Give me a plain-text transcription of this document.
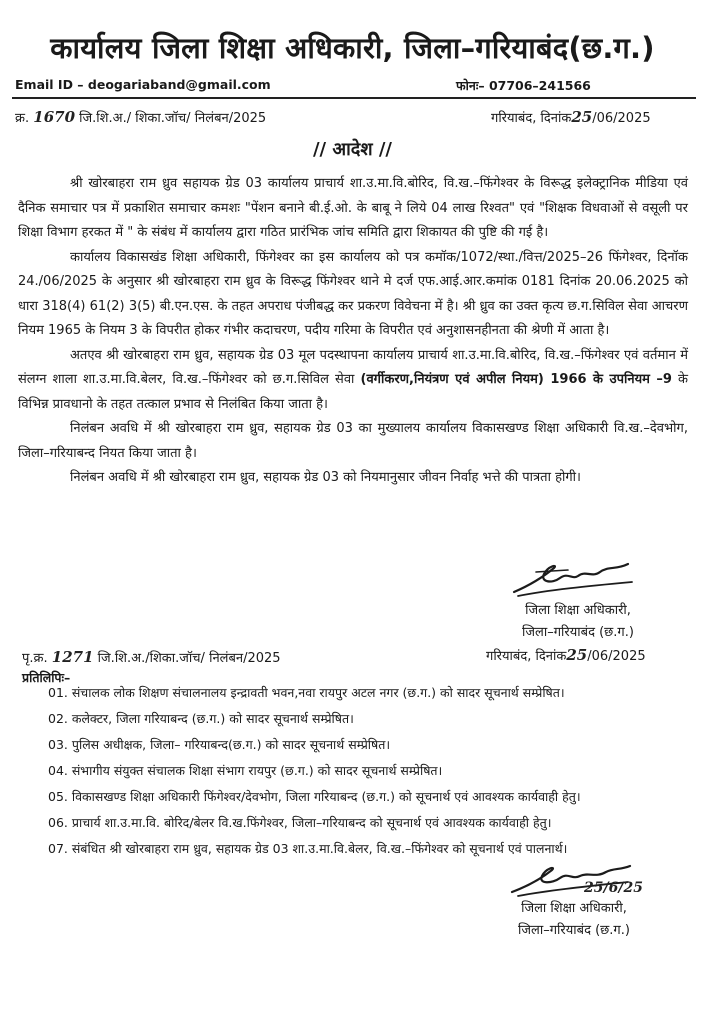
कार्यालय जिला शिक्षा अधिकारी, जिला–गरियाबंद(छ.ग.)
Email ID – deogariaband@gmail.com	फोनः– 07706–241566
क्र. 1670 जि.शि.अ./ शिका.जॉच/ निलंबन/2025	गरियाबंद, दिनांक25/06/2025
// आदेश //

श्री खोरबाहरा राम ध्रुव सहायक ग्रेड 03 कार्यालय प्राचार्य शा.उ.मा.वि.बोरिद, वि.ख.–फिंगेश्वर के विरूद्ध इलेक्ट्रानिक मीडिया एवं दैनिक समाचार पत्र में प्रकाशित समाचार कमशः "पेंशन बनाने बी.ई.ओ. के बाबू ने लिये 04 लाख रिश्वत" एवं "शिक्षक विधवाओं से वसूली पर शिक्षा विभाग हरकत में " के संबंध में कार्यालय द्वारा गठित प्रारंभिक जांच समिति द्वारा शिकायत की पुष्टि की गई है।

कार्यालय विकासखंड शिक्षा अधिकारी, फिंगेश्वर का इस कार्यालय को पत्र कमॉक/1072/स्था./वित्त/2025–26 फिंगेश्वर, दिनॉक 24./06/2025 के अनुसार श्री खोरबाहरा राम ध्रुव के विरूद्ध फिंगेश्वर थाने मे दर्ज एफ.आई.आर.कमांक 0181 दिनांक 20.06.2025 को धारा 318(4) 61(2) 3(5) बी.एन.एस. के तहत अपराध पंजीबद्ध कर प्रकरण विवेचना में है। श्री ध्रुव का उक्त कृत्य छ.ग.सिविल सेवा आचरण नियम 1965 के नियम 3 के विपरीत होकर गंभीर कदाचरण, पदीय गरिमा के विपरीत एवं अनुशासनहीनता की श्रेणी में आता है।

अतएव श्री खोरबाहरा राम ध्रुव, सहायक ग्रेड 03 मूल पदस्थापना कार्यालय प्राचार्य शा.उ.मा.वि.बोरिद, वि.ख.–फिंगेश्वर एवं वर्तमान में संलग्न शाला शा.उ.मा.वि.बेलर, वि.ख.–फिंगेश्वर को छ.ग.सिविल सेवा (वर्गीकरण,नियंत्रण एवं अपील नियम) 1966 के उपनियम –9 के विभिन्न प्रावधानो के तहत तत्काल प्रभाव से निलंबित किया जाता है।

निलंबन अवधि में श्री खोरबाहरा राम ध्रुव, सहायक ग्रेड 03 का मुख्यालय कार्यालय विकासखण्ड शिक्षा अधिकारी वि.ख.–देवभोग, जिला–गरियाबन्द नियत किया जाता है।

निलंबन अवधि में श्री खोरबाहरा राम ध्रुव, सहायक ग्रेड 03 को नियमानुसार जीवन निर्वाह भत्ते की पात्रता होगी।

जिला शिक्षा अधिकारी,
जिला–गरियाबंद (छ.ग.)
पृ.क्र. 1271 जि.शि.अ./शिका.जॉच/ निलंबन/2025	गरियाबंद, दिनांक25/06/2025
प्रतिलिपिः–
01. संचालक लोक शिक्षण संचालनालय इन्द्रावती भवन,नवा रायपुर अटल नगर (छ.ग.) को सादर सूचनार्थ सम्प्रेषित।
02. कलेक्टर, जिला गरियाबन्द (छ.ग.) को सादर सूचनार्थ सम्प्रेषित।
03. पुलिस अधीक्षक, जिला– गरियाबन्द(छ.ग.) को सादर सूचनार्थ सम्प्रेषित।
04. संभागीय संयुक्त संचालक शिक्षा संभाग रायपुर (छ.ग.) को सादर सूचनार्थ सम्प्रेषित।
05. विकासखण्ड शिक्षा अधिकारी फिंगेश्वर/देवभोग, जिला गरियाबन्द (छ.ग.) को सूचनार्थ एवं आवश्यक कार्यवाही हेतु।
06. प्राचार्य शा.उ.मा.वि. बोरिद/बेलर वि.ख.फिंगेश्वर, जिला–गरियाबन्द को सूचनार्थ एवं आवश्यक कार्यवाही हेतु।
07. संबंधित श्री खोरबाहरा राम ध्रुव, सहायक ग्रेड 03 शा.उ.मा.वि.बेलर, वि.ख.–फिंगेश्वर को सूचनार्थ एवं पालनार्थ।
25/6/25
जिला शिक्षा अधिकारी,
जिला–गरियाबंद (छ.ग.)
